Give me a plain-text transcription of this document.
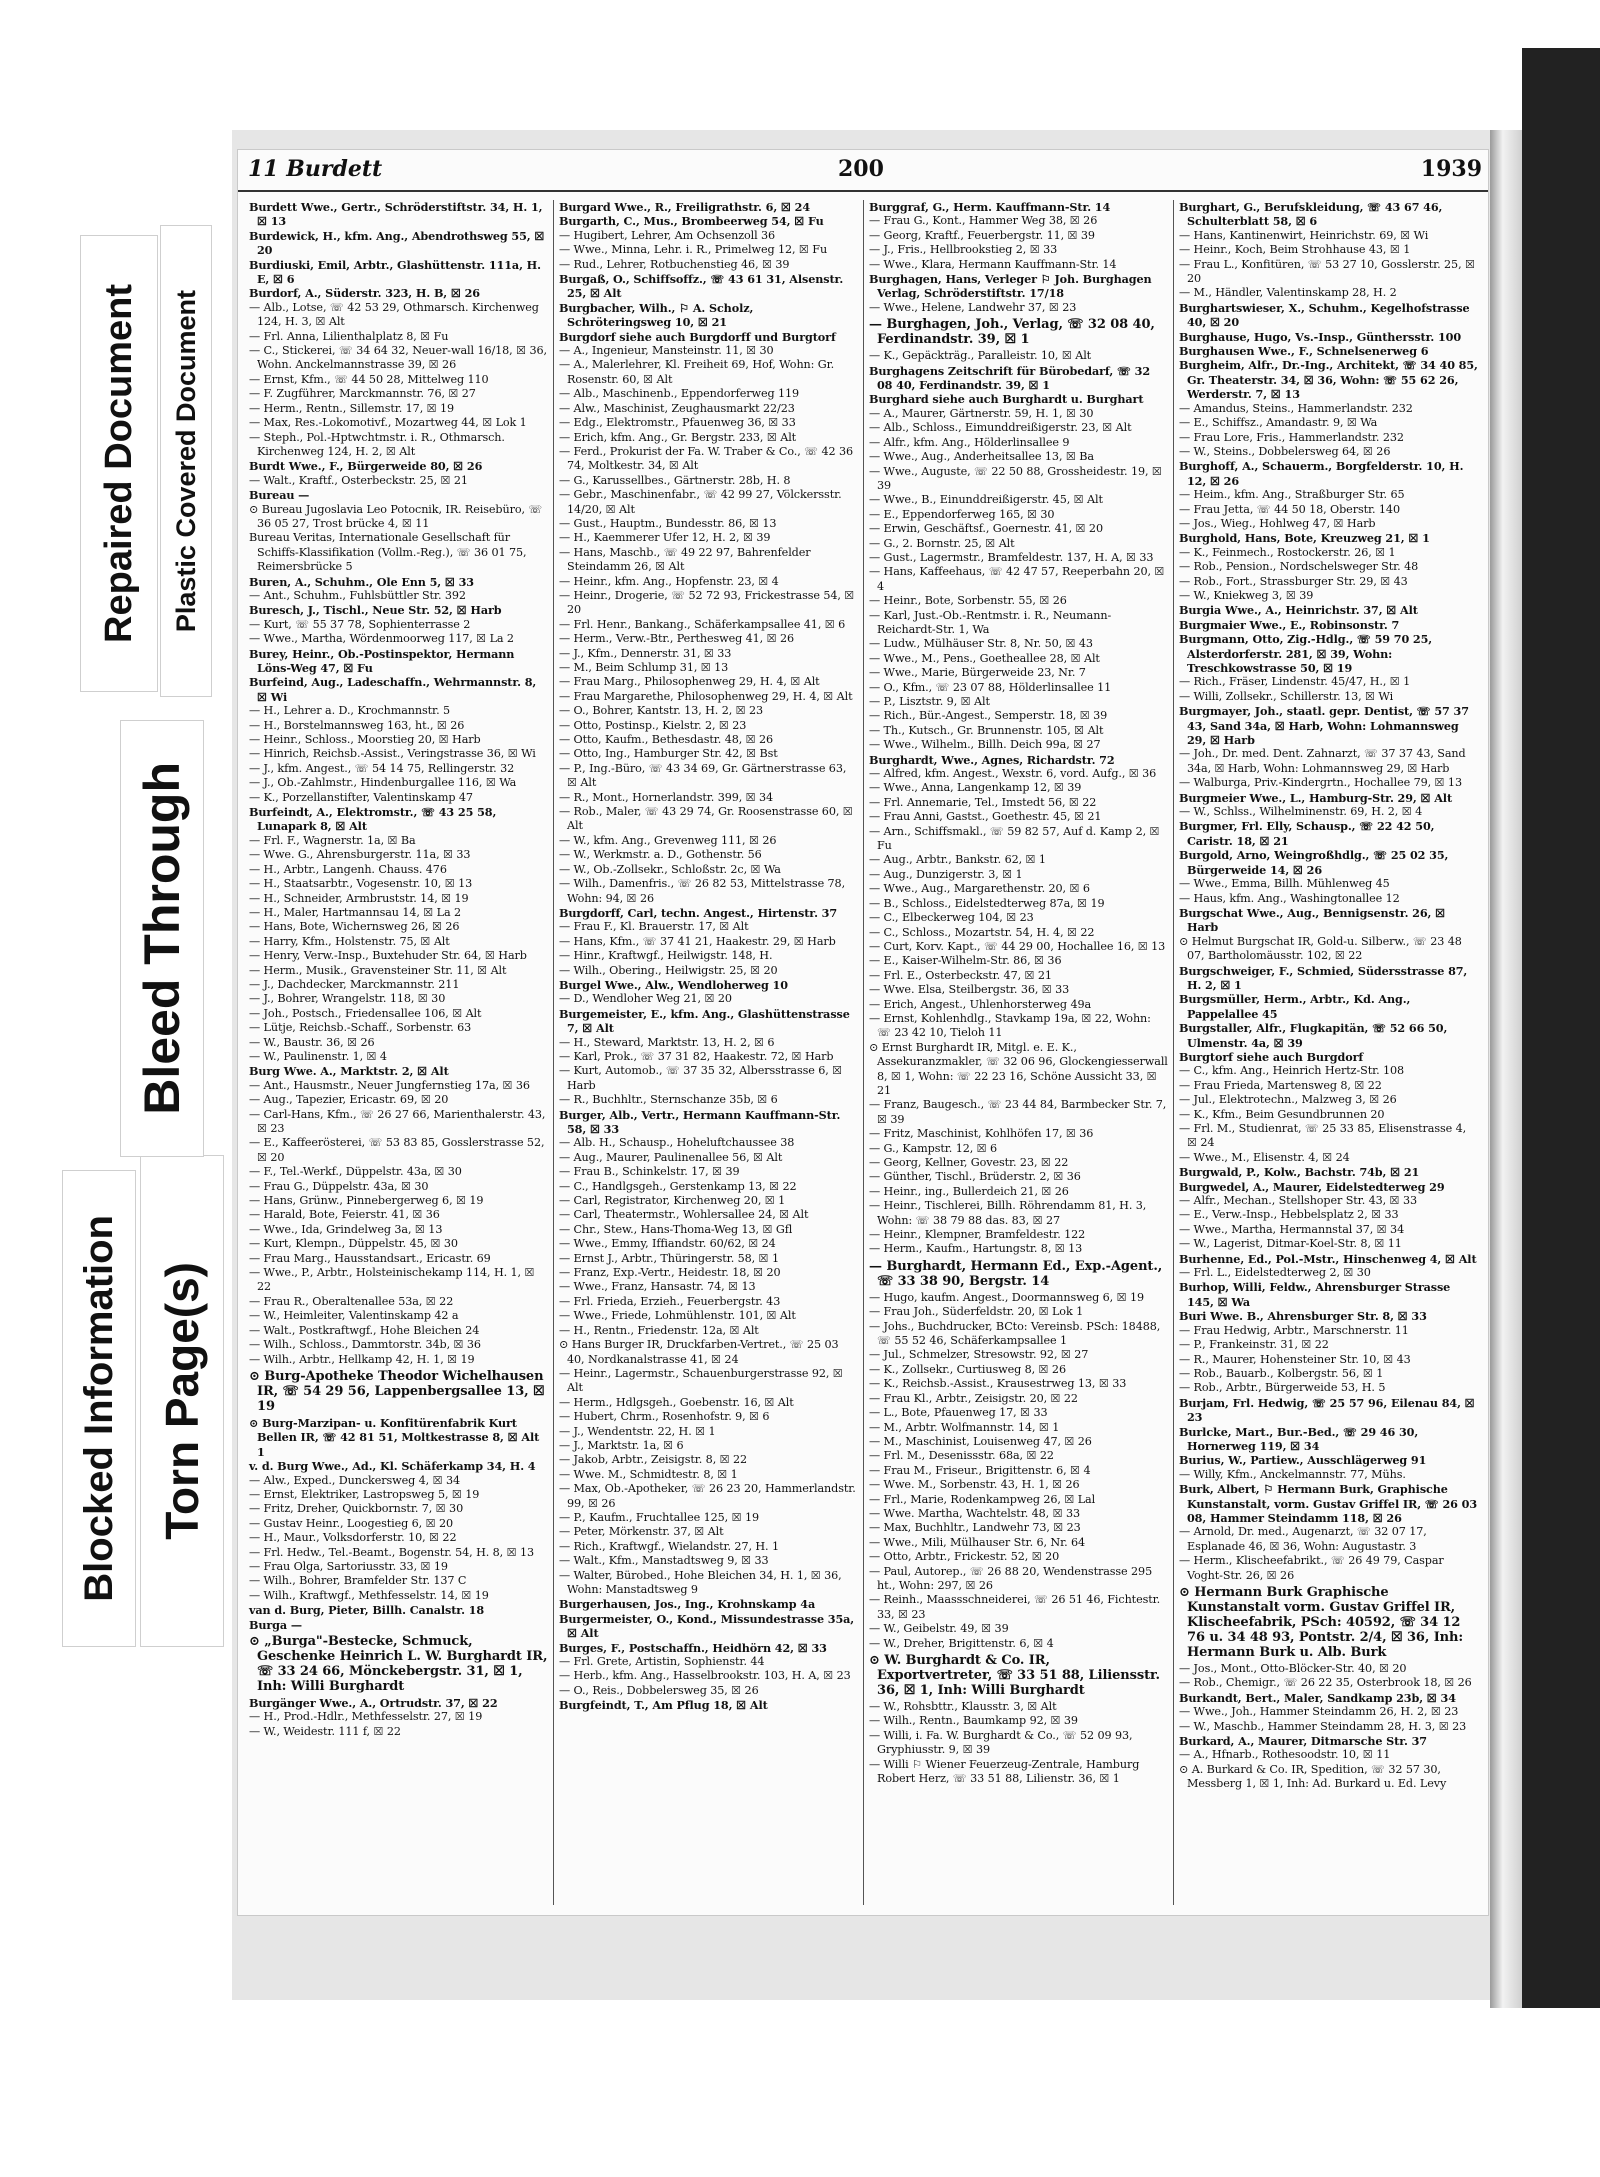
Torn Page(s)
Blocked Information
Bleed Through
Repaired Document Plastic Covered Document
11 Burdett	200	1939

Burdett Wwe., Gertr., Schröderstiftstr. 34, H. 1, ☒ 13

Burdewick, H., kfm. Ang., Abendrothsweg 55, ☒ 20

Burdiuski, Emil, Arbtr., Glashüttenstr. 111a, H. E, ☒ 6

Burdorf, A., Süderstr. 323, H. B, ☒ 26

— Alb., Lotse, ☏ 42 53 29, Othmarsch. Kirchenweg 124, H. 3, ☒ Alt

— Frl. Anna, Lilienthalplatz 8, ☒ Fu

— C., Stickerei, ☏ 34 64 32, Neuer-wall 16/18, ☒ 36, Wohn. Anckelmannstrasse 39, ☒ 26

— Ernst, Kfm., ☏ 44 50 28, Mittelweg 110

— F. Zugführer, Marckmannstr. 76, ☒ 27

— Herm., Rentn., Sillemstr. 17, ☒ 19

— Max, Res.-Lokomotivf., Mozartweg 44, ☒ Lok 1

— Steph., Pol.-Hptwchtmstr. i. R., Othmarsch. Kirchenweg 124, H. 2, ☒ Alt

Burdt Wwe., F., Bürgerweide 80, ☒ 26

— Walt., Kraftf., Osterbeckstr. 25, ☒ 21

Bureau —

⊙ Bureau Jugoslavia Leo Potocnik, IR. Reisebüro, ☏ 36 05 27, Trost brücke 4, ☒ 11

Bureau Veritas, Internationale Gesellschaft für Schiffs-Klassifikation (Vollm.-Reg.), ☏ 36 01 75, Reimersbrücke 5

Buren, A., Schuhm., Ole Enn 5, ☒ 33

— Ant., Schuhm., Fuhlsbüttler Str. 392

Buresch, J., Tischl., Neue Str. 52, ☒ Harb

— Kurt, ☏ 55 37 78, Sophienterrasse 2

— Wwe., Martha, Wördenmoorweg 117, ☒ La 2

Burey, Heinr., Ob.-Postinspektor, Hermann Löns-Weg 47, ☒ Fu

Burfeind, Aug., Ladeschaffn., Wehrmannstr. 8, ☒ Wi

— H., Lehrer a. D., Krochmannstr. 5

— H., Borstelmannsweg 163, ht., ☒ 26

— Heinr., Schloss., Moorstieg 20, ☒ Harb

— Hinrich, Reichsb.-Assist., Veringstrasse 36, ☒ Wi

— J., kfm. Angest., ☏ 54 14 75, Rellingerstr. 32

— J., Ob.-Zahlmstr., Hindenburgallee 116, ☒ Wa

— K., Porzellanstifter, Valentinskamp 47

Burfeindt, A., Elektromstr., ☏ 43 25 58, Lunapark 8, ☒ Alt

— Frl. F., Wagnerstr. 1a, ☒ Ba

— Wwe. G., Ahrensburgerstr. 11a, ☒ 33

— H., Arbtr., Langenh. Chauss. 476

— H., Staatsarbtr., Vogesenstr. 10, ☒ 13

— H., Schneider, Armbruststr. 14, ☒ 19

— H., Maler, Hartmannsau 14, ☒ La 2

— Hans, Bote, Wichernsweg 26, ☒ 26

— Harry, Kfm., Holstenstr. 75, ☒ Alt

— Henry, Verw.-Insp., Buxtehuder Str. 64, ☒ Harb

— Herm., Musik., Gravensteiner Str. 11, ☒ Alt

— J., Dachdecker, Marckmannstr. 211

— J., Bohrer, Wrangelstr. 118, ☒ 30

— Joh., Postsch., Friedensallee 106, ☒ Alt

— Lütje, Reichsb.-Schaff., Sorbenstr. 63

— W., Baustr. 36, ☒ 26

— W., Paulinenstr. 1, ☒ 4

Burg Wwe. A., Marktstr. 2, ☒ Alt

— Ant., Hausmstr., Neuer Jungfernstieg 17a, ☒ 36

— Aug., Tapezier, Ericastr. 69, ☒ 20

— Carl-Hans, Kfm., ☏ 26 27 66, Marienthalerstr. 43, ☒ 23

— E., Kaffeerösterei, ☏ 53 83 85, Gosslerstrasse 52, ☒ 20

— F., Tel.-Werkf., Düppelstr. 43a, ☒ 30

— Frau G., Düppelstr. 43a, ☒ 30

— Hans, Grünw., Pinnebergerweg 6, ☒ 19

— Harald, Bote, Feierstr. 41, ☒ 36

— Wwe., Ida, Grindelweg 3a, ☒ 13

— Kurt, Klempn., Düppelstr. 45, ☒ 30

— Frau Marg., Hausstandsart., Ericastr. 69

— Wwe., P., Arbtr., Holsteinischekamp 114, H. 1, ☒ 22

— Frau R., Oberaltenallee 53a, ☒ 22

— W., Heimleiter, Valentinskamp 42 a

— Walt., Postkraftwgf., Hohe Bleichen 24

— Wilh., Schloss., Dammtorstr. 34b, ☒ 36

— Wilh., Arbtr., Hellkamp 42, H. 1, ☒ 19

⊙ Burg-Apotheke Theodor Wichelhausen IR, ☏ 54 29 56, Lappenbergsallee 13, ☒ 19

⊙ Burg-Marzipan- u. Konfitürenfabrik Kurt Bellen IR, ☏ 42 81 51, Moltkestrasse 8, ☒ Alt 1

v. d. Burg Wwe., Ad., Kl. Schäferkamp 34, H. 4

— Alw., Exped., Dunckersweg 4, ☒ 34

— Ernst, Elektriker, Lastropsweg 5, ☒ 19

— Fritz, Dreher, Quickbornstr. 7, ☒ 30

— Gustav Heinr., Loogestieg 6, ☒ 20

— H., Maur., Volksdorferstr. 10, ☒ 22

— Frl. Hedw., Tel.-Beamt., Bogenstr. 54, H. 8, ☒ 13

— Frau Olga, Sartoriusstr. 33, ☒ 19

— Wilh., Bohrer, Bramfelder Str. 137 C

— Wilh., Kraftwgf., Methfesselstr. 14, ☒ 19

van d. Burg, Pieter, Billh. Canalstr. 18

Burga —

⊙ „Burga"-Bestecke, Schmuck, Geschenke Heinrich L. W. Burghardt IR, ☏ 33 24 66, Mönckebergstr. 31, ☒ 1, Inh: Willi Burghardt

Burgänger Wwe., A., Ortrudstr. 37, ☒ 22

— H., Prod.-Hdlr., Methfesselstr. 27, ☒ 19

— W., Weidestr. 111 f, ☒ 22

Burgard Wwe., R., Freiligrathstr. 6, ☒ 24

Burgarth, C., Mus., Brombeerweg 54, ☒ Fu

— Hugibert, Lehrer, Am Ochsenzoll 36

— Wwe., Minna, Lehr. i. R., Primelweg 12, ☒ Fu

— Rud., Lehrer, Rotbuchenstieg 46, ☒ 39

Burgaß, O., Schiffsoffz., ☏ 43 61 31, Alsenstr. 25, ☒ Alt

Burgbacher, Wilh., ⚐ A. Scholz, Schröteringsweg 10, ☒ 21

Burgdorf siehe auch Burgdorff und Burgtorf

— A., Ingenieur, Mansteinstr. 11, ☒ 30

— A., Malerlehrer, Kl. Freiheit 69, Hof, Wohn: Gr. Rosenstr. 60, ☒ Alt

— Alb., Maschinenb., Eppendorferweg 119

— Alw., Maschinist, Zeughausmarkt 22/23

— Edg., Elektromstr., Pfauenweg 36, ☒ 33

— Erich, kfm. Ang., Gr. Bergstr. 233, ☒ Alt

— Ferd., Prokurist der Fa. W. Traber & Co., ☏ 42 36 74, Moltkestr. 34, ☒ Alt

— G., Karussellbes., Gärtnerstr. 28b, H. 8

— Gebr., Maschinenfabr., ☏ 42 99 27, Völckersstr. 14/20, ☒ Alt

— Gust., Hauptm., Bundesstr. 86, ☒ 13

— H., Kaemmerer Ufer 12, H. 2, ☒ 39

— Hans, Maschb., ☏ 49 22 97, Bahrenfelder Steindamm 26, ☒ Alt

— Heinr., kfm. Ang., Hopfenstr. 23, ☒ 4

— Heinr., Drogerie, ☏ 52 72 93, Frickestrasse 54, ☒ 20

— Frl. Henr., Bankang., Schäferkampsallee 41, ☒ 6

— Herm., Verw.-Btr., Perthesweg 41, ☒ 26

— J., Kfm., Dennerstr. 31, ☒ 33

— M., Beim Schlump 31, ☒ 13

— Frau Marg., Philosophenweg 29, H. 4, ☒ Alt

— Frau Margarethe, Philosophenweg 29, H. 4, ☒ Alt

— O., Bohrer, Kantstr. 13, H. 2, ☒ 23

— Otto, Postinsp., Kielstr. 2, ☒ 23

— Otto, Kaufm., Bethesdastr. 48, ☒ 26

— Otto, Ing., Hamburger Str. 42, ☒ Bst

— P., Ing.-Büro, ☏ 43 34 69, Gr. Gärtnerstrasse 63, ☒ Alt

— R., Mont., Hornerlandstr. 399, ☒ 34

— Rob., Maler, ☏ 43 29 74, Gr. Roosenstrasse 60, ☒ Alt

— W., kfm. Ang., Grevenweg 111, ☒ 26

— W., Werkmstr. a. D., Gothenstr. 56

— W., Ob.-Zollsekr., Schloßstr. 2c, ☒ Wa

— Wilh., Damenfris., ☏ 26 82 53, Mittelstrasse 78, Wohn: 94, ☒ 26

Burgdorff, Carl, techn. Angest., Hirtenstr. 37

— Frau F., Kl. Brauerstr. 17, ☒ Alt

— Hans, Kfm., ☏ 37 41 21, Haakestr. 29, ☒ Harb

— Hinr., Kraftwgf., Heilwigstr. 148, H.

— Wilh., Obering., Heilwigstr. 25, ☒ 20

Burgel Wwe., Alw., Wendloherweg 10

— D., Wendloher Weg 21, ☒ 20

Burgemeister, E., kfm. Ang., Glashüttenstrasse 7, ☒ Alt

— H., Steward, Marktstr. 13, H. 2, ☒ 6

— Karl, Prok., ☏ 37 31 82, Haakestr. 72, ☒ Harb

— Kurt, Automob., ☏ 37 35 32, Albersstrasse 6, ☒ Harb

— R., Buchhltr., Sternschanze 35b, ☒ 6

Burger, Alb., Vertr., Hermann Kauffmann-Str. 58, ☒ 33

— Alb. H., Schausp., Hoheluftchaussee 38

— Aug., Maurer, Paulinenallee 56, ☒ Alt

— Frau B., Schinkelstr. 17, ☒ 39

— C., Handlgsgeh., Gerstenkamp 13, ☒ 22

— Carl, Registrator, Kirchenweg 20, ☒ 1

— Carl, Theatermstr., Wohlersallee 24, ☒ Alt

— Chr., Stew., Hans-Thoma-Weg 13, ☒ Gfl

— Wwe., Emmy, Iffiandstr. 60/62, ☒ 24

— Ernst J., Arbtr., Thüringerstr. 58, ☒ 1

— Franz, Exp.-Vertr., Heidestr. 18, ☒ 20

— Wwe., Franz, Hansastr. 74, ☒ 13

— Frl. Frieda, Erzieh., Feuerbergstr. 43

— Wwe., Friede, Lohmühlenstr. 101, ☒ Alt

— H., Rentn., Friedenstr. 12a, ☒ Alt

⊙ Hans Burger IR, Druckfarben-Vertret., ☏ 25 03 40, Nordkanalstrasse 41, ☒ 24

— Heinr., Lagermstr., Schauenburgerstrasse 92, ☒ Alt

— Herm., Hdlgsgeh., Goebenstr. 16, ☒ Alt

— Hubert, Chrm., Rosenhofstr. 9, ☒ 6

— J., Wendentstr. 22, H. ☒ 1

— J., Marktstr. 1a, ☒ 6

— Jakob, Arbtr., Zeisigstr. 8, ☒ 22

— Wwe. M., Schmidtestr. 8, ☒ 1

— Max, Ob.-Apotheker, ☏ 26 23 20, Hammerlandstr. 99, ☒ 26

— P., Kaufm., Fruchtallee 125, ☒ 19

— Peter, Mörkenstr. 37, ☒ Alt

— Rich., Kraftwgf., Wielandstr. 27, H. 1

— Walt., Kfm., Manstadtsweg 9, ☒ 33

— Walter, Bürobed., Hohe Bleichen 34, H. 1, ☒ 36, Wohn: Manstadtsweg 9

Burgerhausen, Jos., Ing., Krohnskamp 4a

Burgermeister, O., Kond., Missundestrasse 35a, ☒ Alt

Burges, F., Postschaffn., Heidhörn 42, ☒ 33

— Frl. Grete, Artistin, Sophienstr. 44

— Herb., kfm. Ang., Hasselbrookstr. 103, H. A, ☒ 23

— O., Reis., Dobbelersweg 35, ☒ 26

Burgfeindt, T., Am Pflug 18, ☒ Alt

Burggraf, G., Herm. Kauffmann-Str. 14

— Frau G., Kont., Hammer Weg 38, ☒ 26

— Georg, Kraftf., Feuerbergstr. 11, ☒ 39

— J., Fris., Hellbrookstieg 2, ☒ 33

— Wwe., Klara, Hermann Kauffmann-Str. 14

Burghagen, Hans, Verleger ⚐ Joh. Burghagen Verlag, Schröderstiftstr. 17/18

— Wwe., Helene, Landwehr 37, ☒ 23

— Burghagen, Joh., Verlag, ☏ 32 08 40, Ferdinandstr. 39, ☒ 1

— K., Gepäckträg., Paralleistr. 10, ☒ Alt

Burghagens Zeitschrift für Bürobedarf, ☏ 32 08 40, Ferdinandstr. 39, ☒ 1

Burghard siehe auch Burghardt u. Burghart

— A., Maurer, Gärtnerstr. 59, H. 1, ☒ 30

— Alb., Schloss., Eimunddreißigerstr. 23, ☒ Alt

— Alfr., kfm. Ang., Hölderlinsallee 9

— Wwe., Aug., Anderheitsallee 13, ☒ Ba

— Wwe., Auguste, ☏ 22 50 88, Grossheidestr. 19, ☒ 39

— Wwe., B., Einunddreißigerstr. 45, ☒ Alt

— E., Eppendorferweg 165, ☒ 30

— Erwin, Geschäftsf., Goernestr. 41, ☒ 20

— G., 2. Bornstr. 25, ☒ Alt

— Gust., Lagermstr., Bramfeldestr. 137, H. A, ☒ 33

— Hans, Kaffeehaus, ☏ 42 47 57, Reeperbahn 20, ☒ 4

— Heinr., Bote, Sorbenstr. 55, ☒ 26

— Karl, Just.-Ob.-Rentmstr. i. R., Neumann-Reichardt-Str. 1, Wa

— Ludw., Mülhäuser Str. 8, Nr. 50, ☒ 43

— Wwe., M., Pens., Goetheallee 28, ☒ Alt

— Wwe., Marie, Bürgerweide 23, Nr. 7

— O., Kfm., ☏ 23 07 88, Hölderlinsallee 11

— P., Lisztstr. 9, ☒ Alt

— Rich., Bür.-Angest., Semperstr. 18, ☒ 39

— Th., Kutsch., Gr. Brunnenstr. 105, ☒ Alt

— Wwe., Wilhelm., Billh. Deich 99a, ☒ 27

Burghardt, Wwe., Agnes, Richardstr. 72

— Alfred, kfm. Angest., Wexstr. 6, vord. Aufg., ☒ 36

— Wwe., Anna, Langenkamp 12, ☒ 39

— Frl. Annemarie, Tel., Imstedt 56, ☒ 22

— Frau Anni, Gastst., Goethestr. 45, ☒ 21

— Arn., Schiffsmakl., ☏ 59 82 57, Auf d. Kamp 2, ☒ Fu

— Aug., Arbtr., Bankstr. 62, ☒ 1

— Aug., Dunzigerstr. 3, ☒ 1

— Wwe., Aug., Margarethenstr. 20, ☒ 6

— B., Schloss., Eidelstedterweg 87a, ☒ 19

— C., Elbeckerweg 104, ☒ 23

— C., Schloss., Mozartstr. 54, H. 4, ☒ 22

— Curt, Korv. Kapt., ☏ 44 29 00, Hochallee 16, ☒ 13

— E., Kaiser-Wilhelm-Str. 86, ☒ 36

— Frl. E., Osterbeckstr. 47, ☒ 21

— Wwe. Elsa, Steilbergstr. 36, ☒ 33

— Erich, Angest., Uhlenhorsterweg 49a

— Ernst, Kohlenhdlg., Stavkamp 19a, ☒ 22, Wohn: ☏ 23 42 10, Tieloh 11

⊙ Ernst Burghardt IR, Mitgl. e. E. K., Assekuranzmakler, ☏ 32 06 96, Glockengiesserwall 8, ☒ 1, Wohn: ☏ 22 23 16, Schöne Aussicht 33, ☒ 21

— Franz, Baugesch., ☏ 23 44 84, Barmbecker Str. 7, ☒ 39

— Fritz, Maschinist, Kohlhöfen 17, ☒ 36

— G., Kampstr. 12, ☒ 6

— Georg, Kellner, Govestr. 23, ☒ 22

— Günther, Tischl., Brüderstr. 2, ☒ 36

— Heinr., ing., Bullerdeich 21, ☒ 26

— Heinr., Tischlerei, Billh. Röhrendamm 81, H. 3, Wohn: ☏ 38 79 88 das. 83, ☒ 27

— Heinr., Klempner, Bramfeldestr. 122

— Herm., Kaufm., Hartungstr. 8, ☒ 13

— Burghardt, Hermann Ed., Exp.-Agent., ☏ 33 38 90, Bergstr. 14

— Hugo, kaufm. Angest., Doormannsweg 6, ☒ 19

— Frau Joh., Süderfeldstr. 20, ☒ Lok 1

— Johs., Buchdrucker, BCto: Vereinsb. PSch: 18488, ☏ 55 52 46, Schäferkampsallee 1

— Jul., Schmelzer, Stresowstr. 92, ☒ 27

— K., Zollsekr., Curtiusweg 8, ☒ 26

— K., Reichsb.-Assist., Krausestrweg 13, ☒ 33

— Frau Kl., Arbtr., Zeisigstr. 20, ☒ 22

— L., Bote, Pfauenweg 17, ☒ 33

— M., Arbtr. Wolfmannstr. 14, ☒ 1

— M., Maschinist, Louisenweg 47, ☒ 26

— Frl. M., Desenissstr. 68a, ☒ 22

— Frau M., Friseur., Brigittenstr. 6, ☒ 4

— Wwe. M., Sorbenstr. 43, H. 1, ☒ 26

— Frl., Marie, Rodenkampweg 26, ☒ Lal

— Wwe. Martha, Wachtelstr. 48, ☒ 33

— Max, Buchhltr., Landwehr 73, ☒ 23

— Wwe., Mili, Mülhauser Str. 6, Nr. 64

— Otto, Arbtr., Frickestr. 52, ☒ 20

— Paul, Autorep., ☏ 26 88 20, Wendenstrasse 295 ht., Wohn: 297, ☒ 26

— Reinh., Maassschneiderei, ☏ 26 51 46, Fichtestr. 33, ☒ 23

— W., Geibelstr. 49, ☒ 39

— W., Dreher, Brigittenstr. 6, ☒ 4

⊙ W. Burghardt & Co. IR, Exportvertreter, ☏ 33 51 88, Liliensstr. 36, ☒ 1, Inh: Willi Burghardt

— W., Rohsbttr., Klausstr. 3, ☒ Alt

— Wilh., Rentn., Baumkamp 92, ☒ 39

— Willi, i. Fa. W. Burghardt & Co., ☏ 52 09 93, Gryphiusstr. 9, ☒ 39

— Willi ⚐ Wiener Feuerzeug-Zentrale, Hamburg Robert Herz, ☏ 33 51 88, Lilienstr. 36, ☒ 1

Burghart, G., Berufskleidung, ☏ 43 67 46, Schulterblatt 58, ☒ 6

— Hans, Kantinenwirt, Heinrichstr. 69, ☒ Wi

— Heinr., Koch, Beim Strohhause 43, ☒ 1

— Frau L., Konfitüren, ☏ 53 27 10, Gosslerstr. 25, ☒ 20

— M., Händler, Valentinskamp 28, H. 2

Burghartswieser, X., Schuhm., Kegelhofstrasse 40, ☒ 20

Burghause, Hugo, Vs.-Insp., Günthersstr. 100

Burghausen Wwe., F., Schnelsenerweg 6

Burgheim, Alfr., Dr.-Ing., Architekt, ☏ 34 40 85, Gr. Theaterstr. 34, ☒ 36, Wohn: ☏ 55 62 26, Werderstr. 7, ☒ 13

— Amandus, Steins., Hammerlandstr. 232

— E., Schiffsz., Amandastr. 9, ☒ Wa

— Frau Lore, Fris., Hammerlandstr. 232

— W., Steins., Dobbelersweg 64, ☒ 26

Burghoff, A., Schauerm., Borgfelderstr. 10, H. 12, ☒ 26

— Heim., kfm. Ang., Straßburger Str. 65

— Frau Jetta, ☏ 44 50 18, Oberstr. 140

— Jos., Wieg., Hohlweg 47, ☒ Harb

Burghold, Hans, Bote, Kreuzweg 21, ☒ 1

— K., Feinmech., Rostockerstr. 26, ☒ 1

— Rob., Pension., Nordschelsweger Str. 48

— Rob., Fort., Strassburger Str. 29, ☒ 43

— W., Kniekweg 3, ☒ 39

Burgia Wwe., A., Heinrichstr. 37, ☒ Alt

Burgmaier Wwe., E., Robinsonstr. 7

Burgmann, Otto, Zig.-Hdlg., ☏ 59 70 25, Alsterdorferstr. 281, ☒ 39, Wohn: Treschkowstrasse 50, ☒ 19

— Rich., Fräser, Lindenstr. 45/47, H., ☒ 1

— Willi, Zollsekr., Schillerstr. 13, ☒ Wi

Burgmayer, Joh., staatl. gepr. Dentist, ☏ 57 37 43, Sand 34a, ☒ Harb, Wohn: Lohmannsweg 29, ☒ Harb

— Joh., Dr. med. Dent. Zahnarzt, ☏ 37 37 43, Sand 34a, ☒ Harb, Wohn: Lohmannsweg 29, ☒ Harb

— Walburga, Priv.-Kindergrtn., Hochallee 79, ☒ 13

Burgmeier Wwe., L., Hamburg-Str. 29, ☒ Alt

— W., Schlss., Wilhelminenstr. 69, H. 2, ☒ 4

Burgmer, Frl. Elly, Schausp., ☏ 22 42 50, Caristr. 18, ☒ 21

Burgold, Arno, Weingroßhdlg., ☏ 25 02 35, Bürgerweide 14, ☒ 26

— Wwe., Emma, Billh. Mühlenweg 45

— Haus, kfm. Ang., Washingtonallee 12

Burgschat Wwe., Aug., Bennigsenstr. 26, ☒ Harb

⊙ Helmut Burgschat IR, Gold-u. Silberw., ☏ 23 48 07, Bartholomäusstr. 102, ☒ 22

Burgschweiger, F., Schmied, Südersstrasse 87, H. 2, ☒ 1

Burgsmüller, Herm., Arbtr., Kd. Ang., Pappelallee 45

Burgstaller, Alfr., Flugkapitän, ☏ 52 66 50, Ulmenstr. 4a, ☒ 39

Burgtorf siehe auch Burgdorf

— C., kfm. Ang., Heinrich Hertz-Str. 108

— Frau Frieda, Martensweg 8, ☒ 22

— Jul., Elektrotechn., Malzweg 3, ☒ 26

— K., Kfm., Beim Gesundbrunnen 20

— Frl. M., Studienrat, ☏ 25 33 85, Elisenstrasse 4, ☒ 24

— Wwe., M., Elisenstr. 4, ☒ 24

Burgwald, P., Kolw., Bachstr. 74b, ☒ 21

Burgwedel, A., Maurer, Eidelstedterweg 29

— Alfr., Mechan., Stellshoper Str. 43, ☒ 33

— E., Verw.-Insp., Hebbelsplatz 2, ☒ 33

— Wwe., Martha, Hermannstal 37, ☒ 34

— W., Lagerist, Ditmar-Koel-Str. 8, ☒ 11

Burhenne, Ed., Pol.-Mstr., Hinschenweg 4, ☒ Alt

— Frl. L., Eidelstedterweg 2, ☒ 30

Burhop, Willi, Feldw., Ahrensburger Strasse 145, ☒ Wa

Buri Wwe. B., Ahrensburger Str. 8, ☒ 33

— Frau Hedwig, Arbtr., Marschnerstr. 11

— P., Frankeinstr. 31, ☒ 22

— R., Maurer, Hohensteiner Str. 10, ☒ 43

— Rob., Bauarb., Kolbergstr. 56, ☒ 1

— Rob., Arbtr., Bürgerweide 53, H. 5

Burjam, Frl. Hedwig, ☏ 25 57 96, Eilenau 84, ☒ 23

Burlcke, Mart., Bur.-Bed., ☏ 29 46 30, Hornerweg 119, ☒ 34

Burius, W., Partiew., Ausschlägerweg 91

— Willy, Kfm., Anckelmannstr. 77, Mühs.

Burk, Albert, ⚐ Hermann Burk, Graphische Kunstanstalt, vorm. Gustav Griffel IR, ☏ 26 03 08, Hammer Steindamm 118, ☒ 26

— Arnold, Dr. med., Augenarzt, ☏ 32 07 17, Esplanade 46, ☒ 36, Wohn: Augustastr. 3

— Herm., Klischeefabrikt., ☏ 26 49 79, Caspar Voght-Str. 26, ☒ 26

⊙ Hermann Burk Graphische Kunstanstalt vorm. Gustav Griffel IR, Klischeefabrik, PSch: 40592, ☏ 34 12 76 u. 34 48 93, Pontstr. 2/4, ☒ 36, Inh: Hermann Burk u. Alb. Burk

— Jos., Mont., Otto-Blöcker-Str. 40, ☒ 20

— Rob., Chemigr., ☏ 26 22 35, Osterbrook 18, ☒ 26

Burkandt, Bert., Maler, Sandkamp 23b, ☒ 34

— Wwe., Joh., Hammer Steindamm 26, H. 2, ☒ 23

— W., Maschb., Hammer Steindamm 28, H. 3, ☒ 23

Burkard, A., Maurer, Ditmarsche Str. 37

— A., Hfnarb., Rothesoodstr. 10, ☒ 11

⊙ A. Burkard & Co. IR, Spedition, ☏ 32 57 30, Messberg 1, ☒ 1, Inh: Ad. Burkard u. Ed. Levy
